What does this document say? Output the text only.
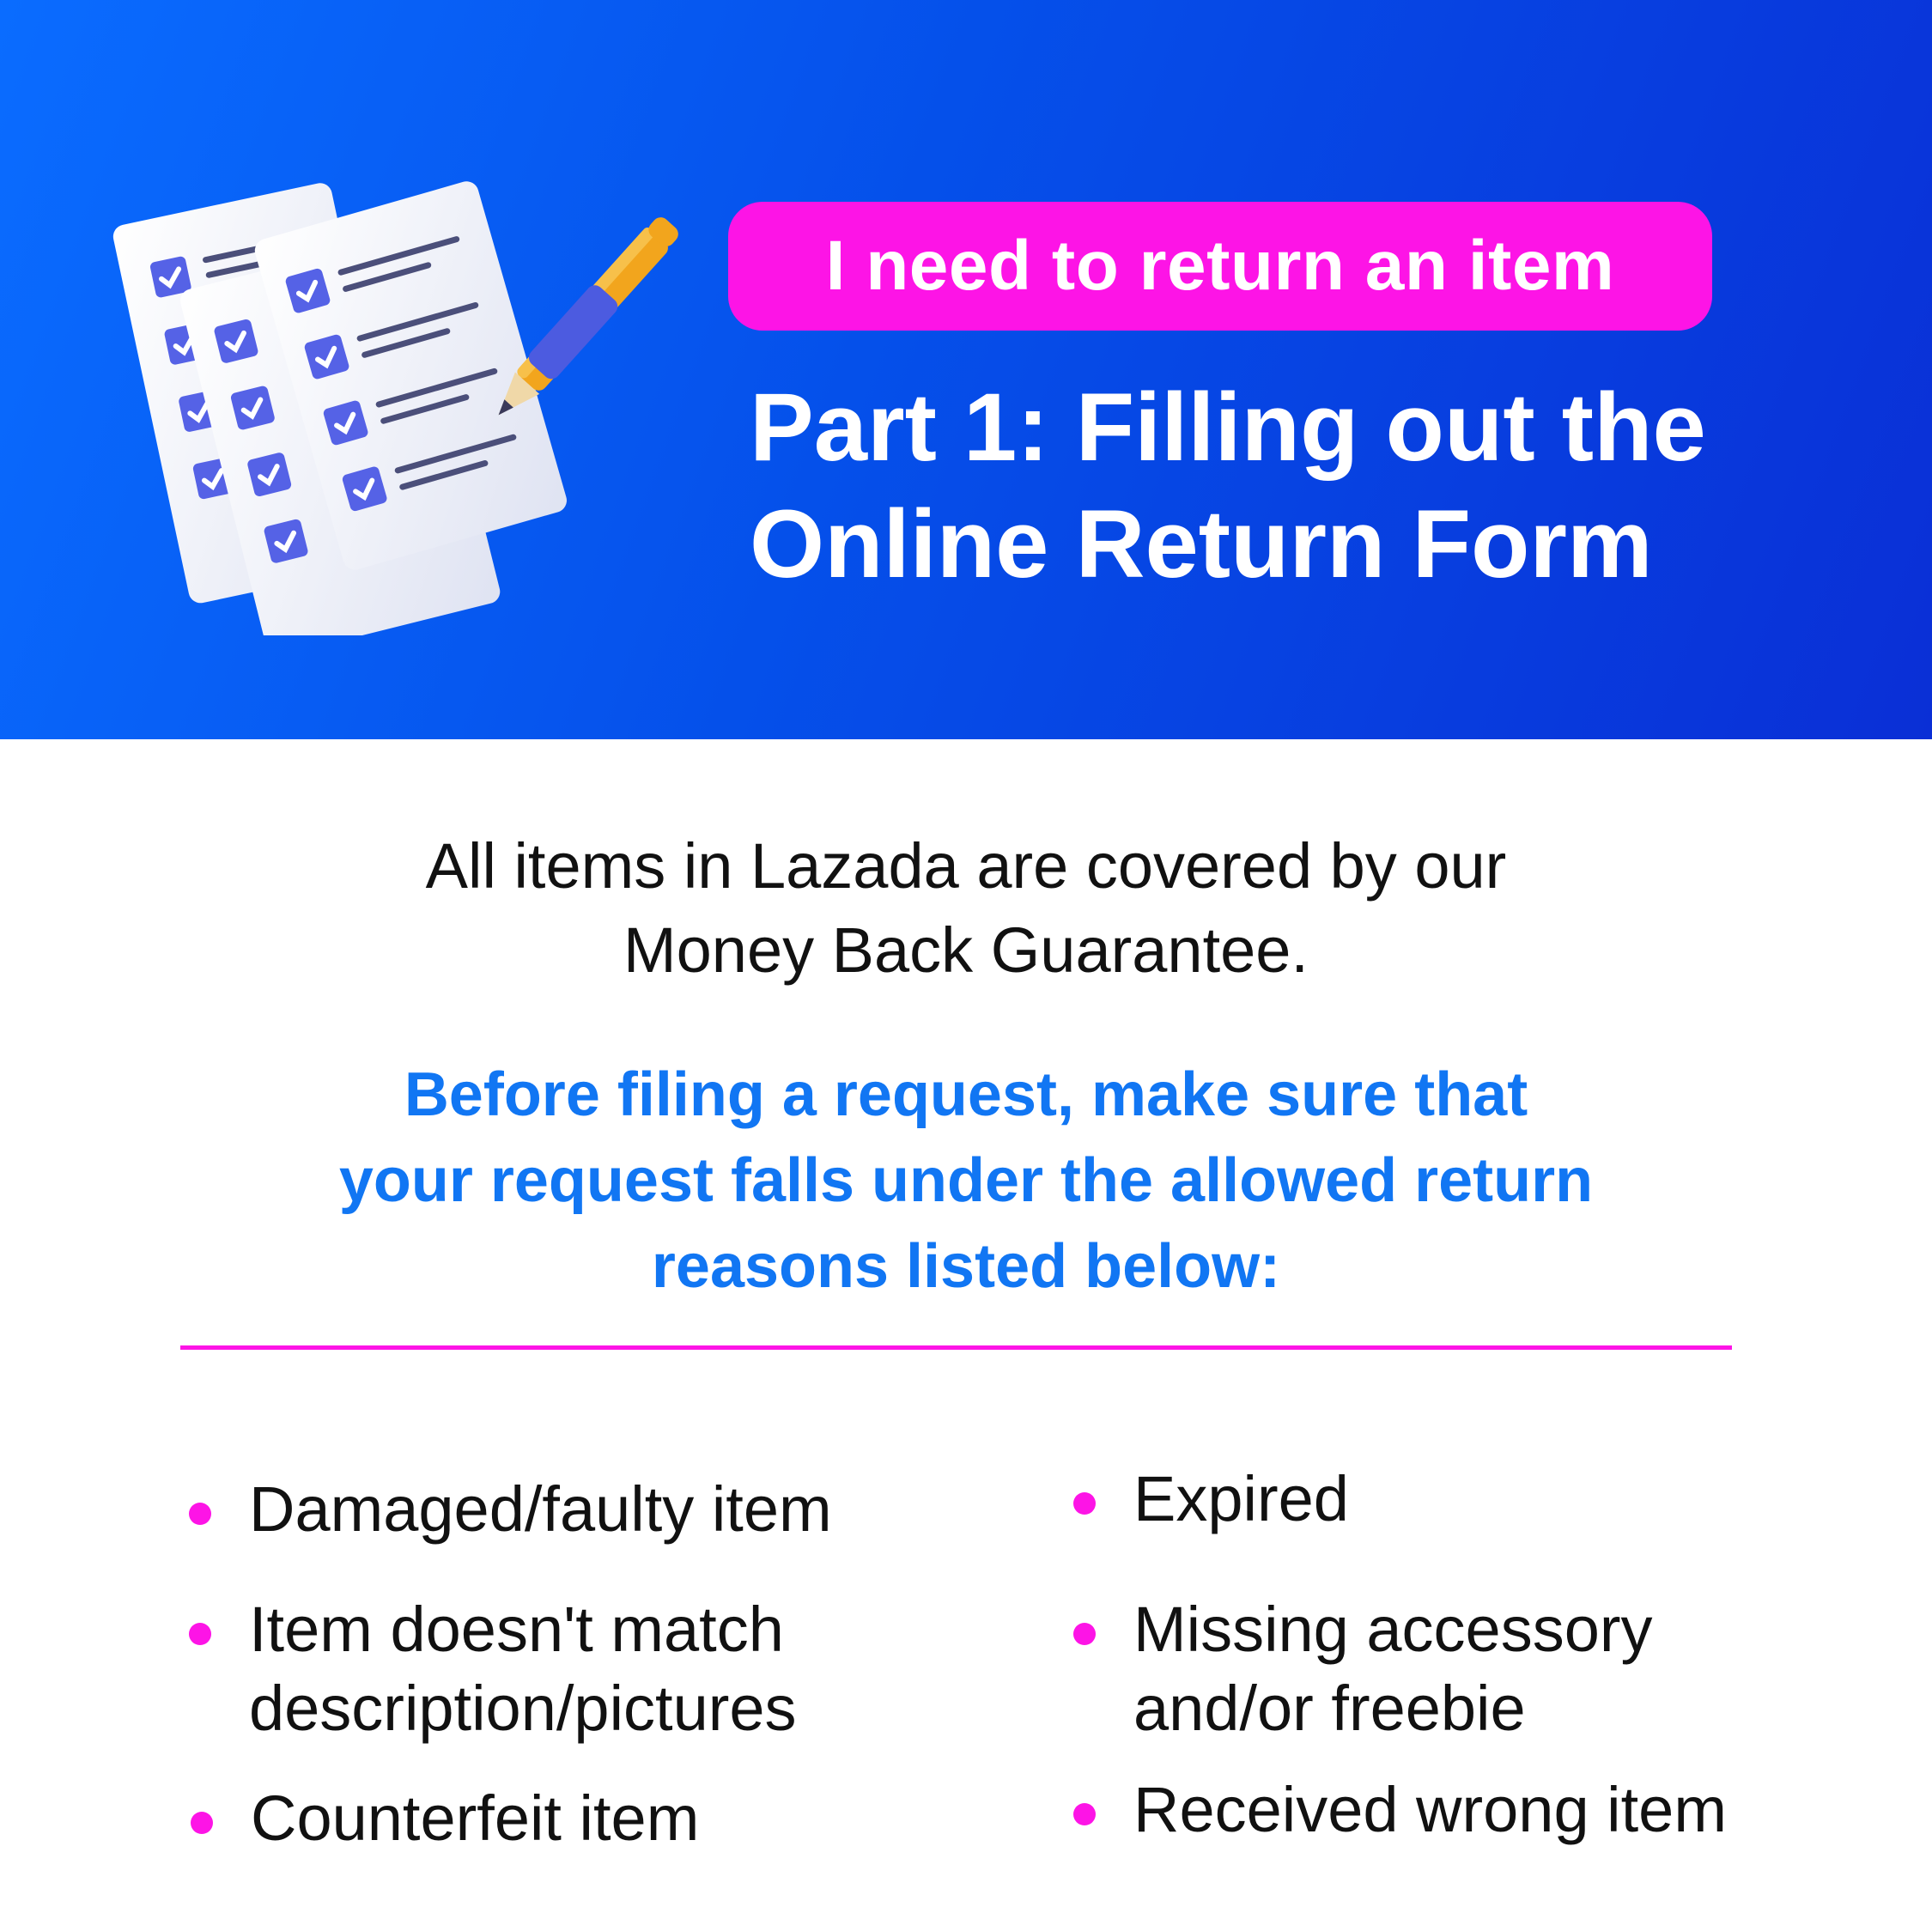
I need to return an item
Part 1: Filling out the
Online Return Form
All items in Lazada are covered by our
Money Back Guarantee.
Before filing a request, make sure that
your request falls under the allowed return
reasons listed below:
Damaged/faulty item
Item doesn't match
description/pictures
Counterfeit item
Expired
Missing accessory
and/or freebie
Received wrong item
